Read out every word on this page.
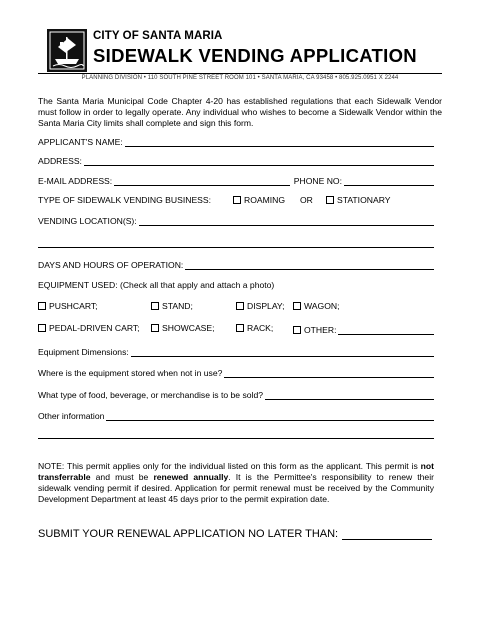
CITY OF SANTA MARIA
SIDEWALK VENDING APPLICATION
PLANNING DIVISION • 110 SOUTH PINE STREET ROOM 101 • SANTA MARIA, CA 93458 • 805.925.0951 X 2244
The Santa Maria Municipal Code Chapter 4-20 has established regulations that each Sidewalk Vendor must follow in order to legally operate. Any individual who wishes to become a Sidewalk Vendor within the Santa Maria City limits shall complete and sign this form.
APPLICANT'S NAME:
ADDRESS:
E-MAIL ADDRESS:	PHONE NO:
TYPE OF SIDEWALK VENDING BUSINESS:	ROAMING OR	STATIONARY
VENDING LOCATION(S):
DAYS AND HOURS OF OPERATION:
EQUIPMENT USED: (Check all that apply and attach a photo)
PUSHCART;	STAND;	DISPLAY;	WAGON;
PEDAL-DRIVEN CART;	SHOWCASE;	RACK;	OTHER:
Equipment Dimensions:
Where is the equipment stored when not in use?
What type of food, beverage, or merchandise is to be sold?
Other information
NOTE: This permit applies only for the individual listed on this form as the applicant. This permit is not transferrable and must be renewed annually. It is the Permittee's responsibility to renew their sidewalk vending permit if desired. Application for permit renewal must be received by the Community Development Department at least 45 days prior to the permit expiration date.
SUBMIT YOUR RENEWAL APPLICATION NO LATER THAN:
